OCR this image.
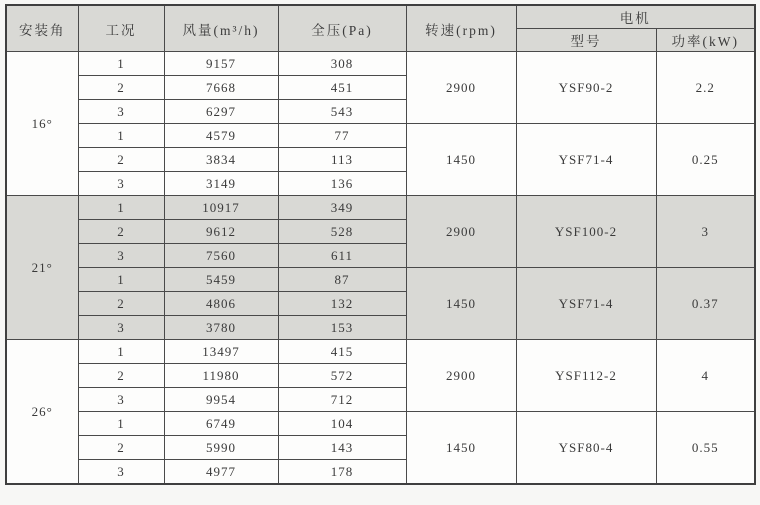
安装角	工况	风量(m³/h)	全压(Pa)	转速(rpm)	电机	
					型号	功率(kW)
16°	1	9157	308	2900	YSF90-2	2.2
	2	7668	451			
	3	6297	543			
	1	4579	77	1450	YSF71-4	0.25
	2	3834	113			
	3	3149	136			
21°	1	10917	349	2900	YSF100-2	3
	2	9612	528			
	3	7560	611			
	1	5459	87	1450	YSF71-4	0.37
	2	4806	132			
	3	3780	153			
26°	1	13497	415	2900	YSF112-2	4
	2	11980	572			
	3	9954	712			
	1	6749	104	1450	YSF80-4	0.55
	2	5990	143			
	3	4977	178			
